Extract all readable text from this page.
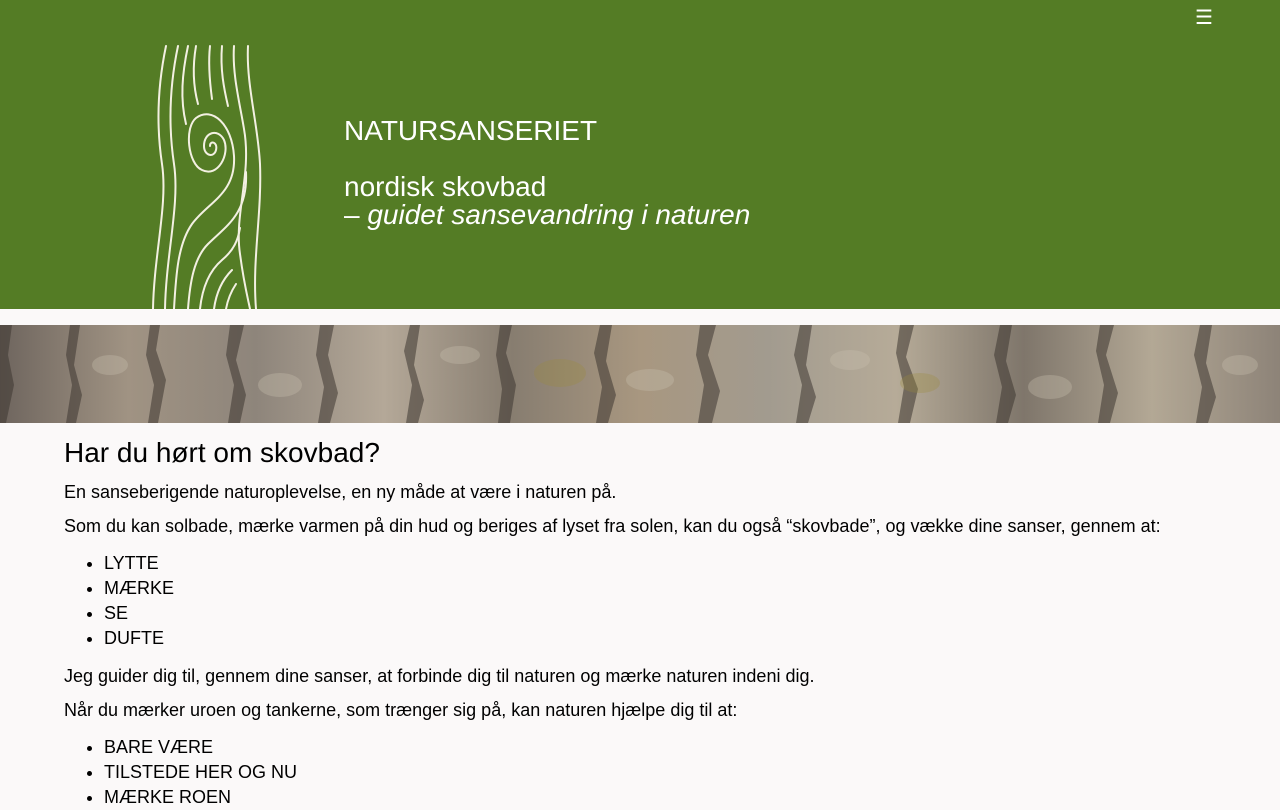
☰
NATURSANSERIET
nordisk skovbad
– guidet sansevandring i naturen
Har du hørt om skovbad?

En sanseberigende naturoplevelse, en ny måde at være i naturen på.

Som du kan solbade, mærke varmen på din hud og beriges af lyset fra solen, kan du også “skovbade”, og vække dine sanser, gennem at:

• LYTTE
• MÆRKE
• SE
• DUFTE

Jeg guider dig til, gennem dine sanser, at forbinde dig til naturen og mærke naturen indeni dig.

Når du mærker uroen og tankerne, som trænger sig på, kan naturen hjælpe dig til at:

• BARE VÆRE
• TILSTEDE HER OG NU
• MÆRKE ROEN
